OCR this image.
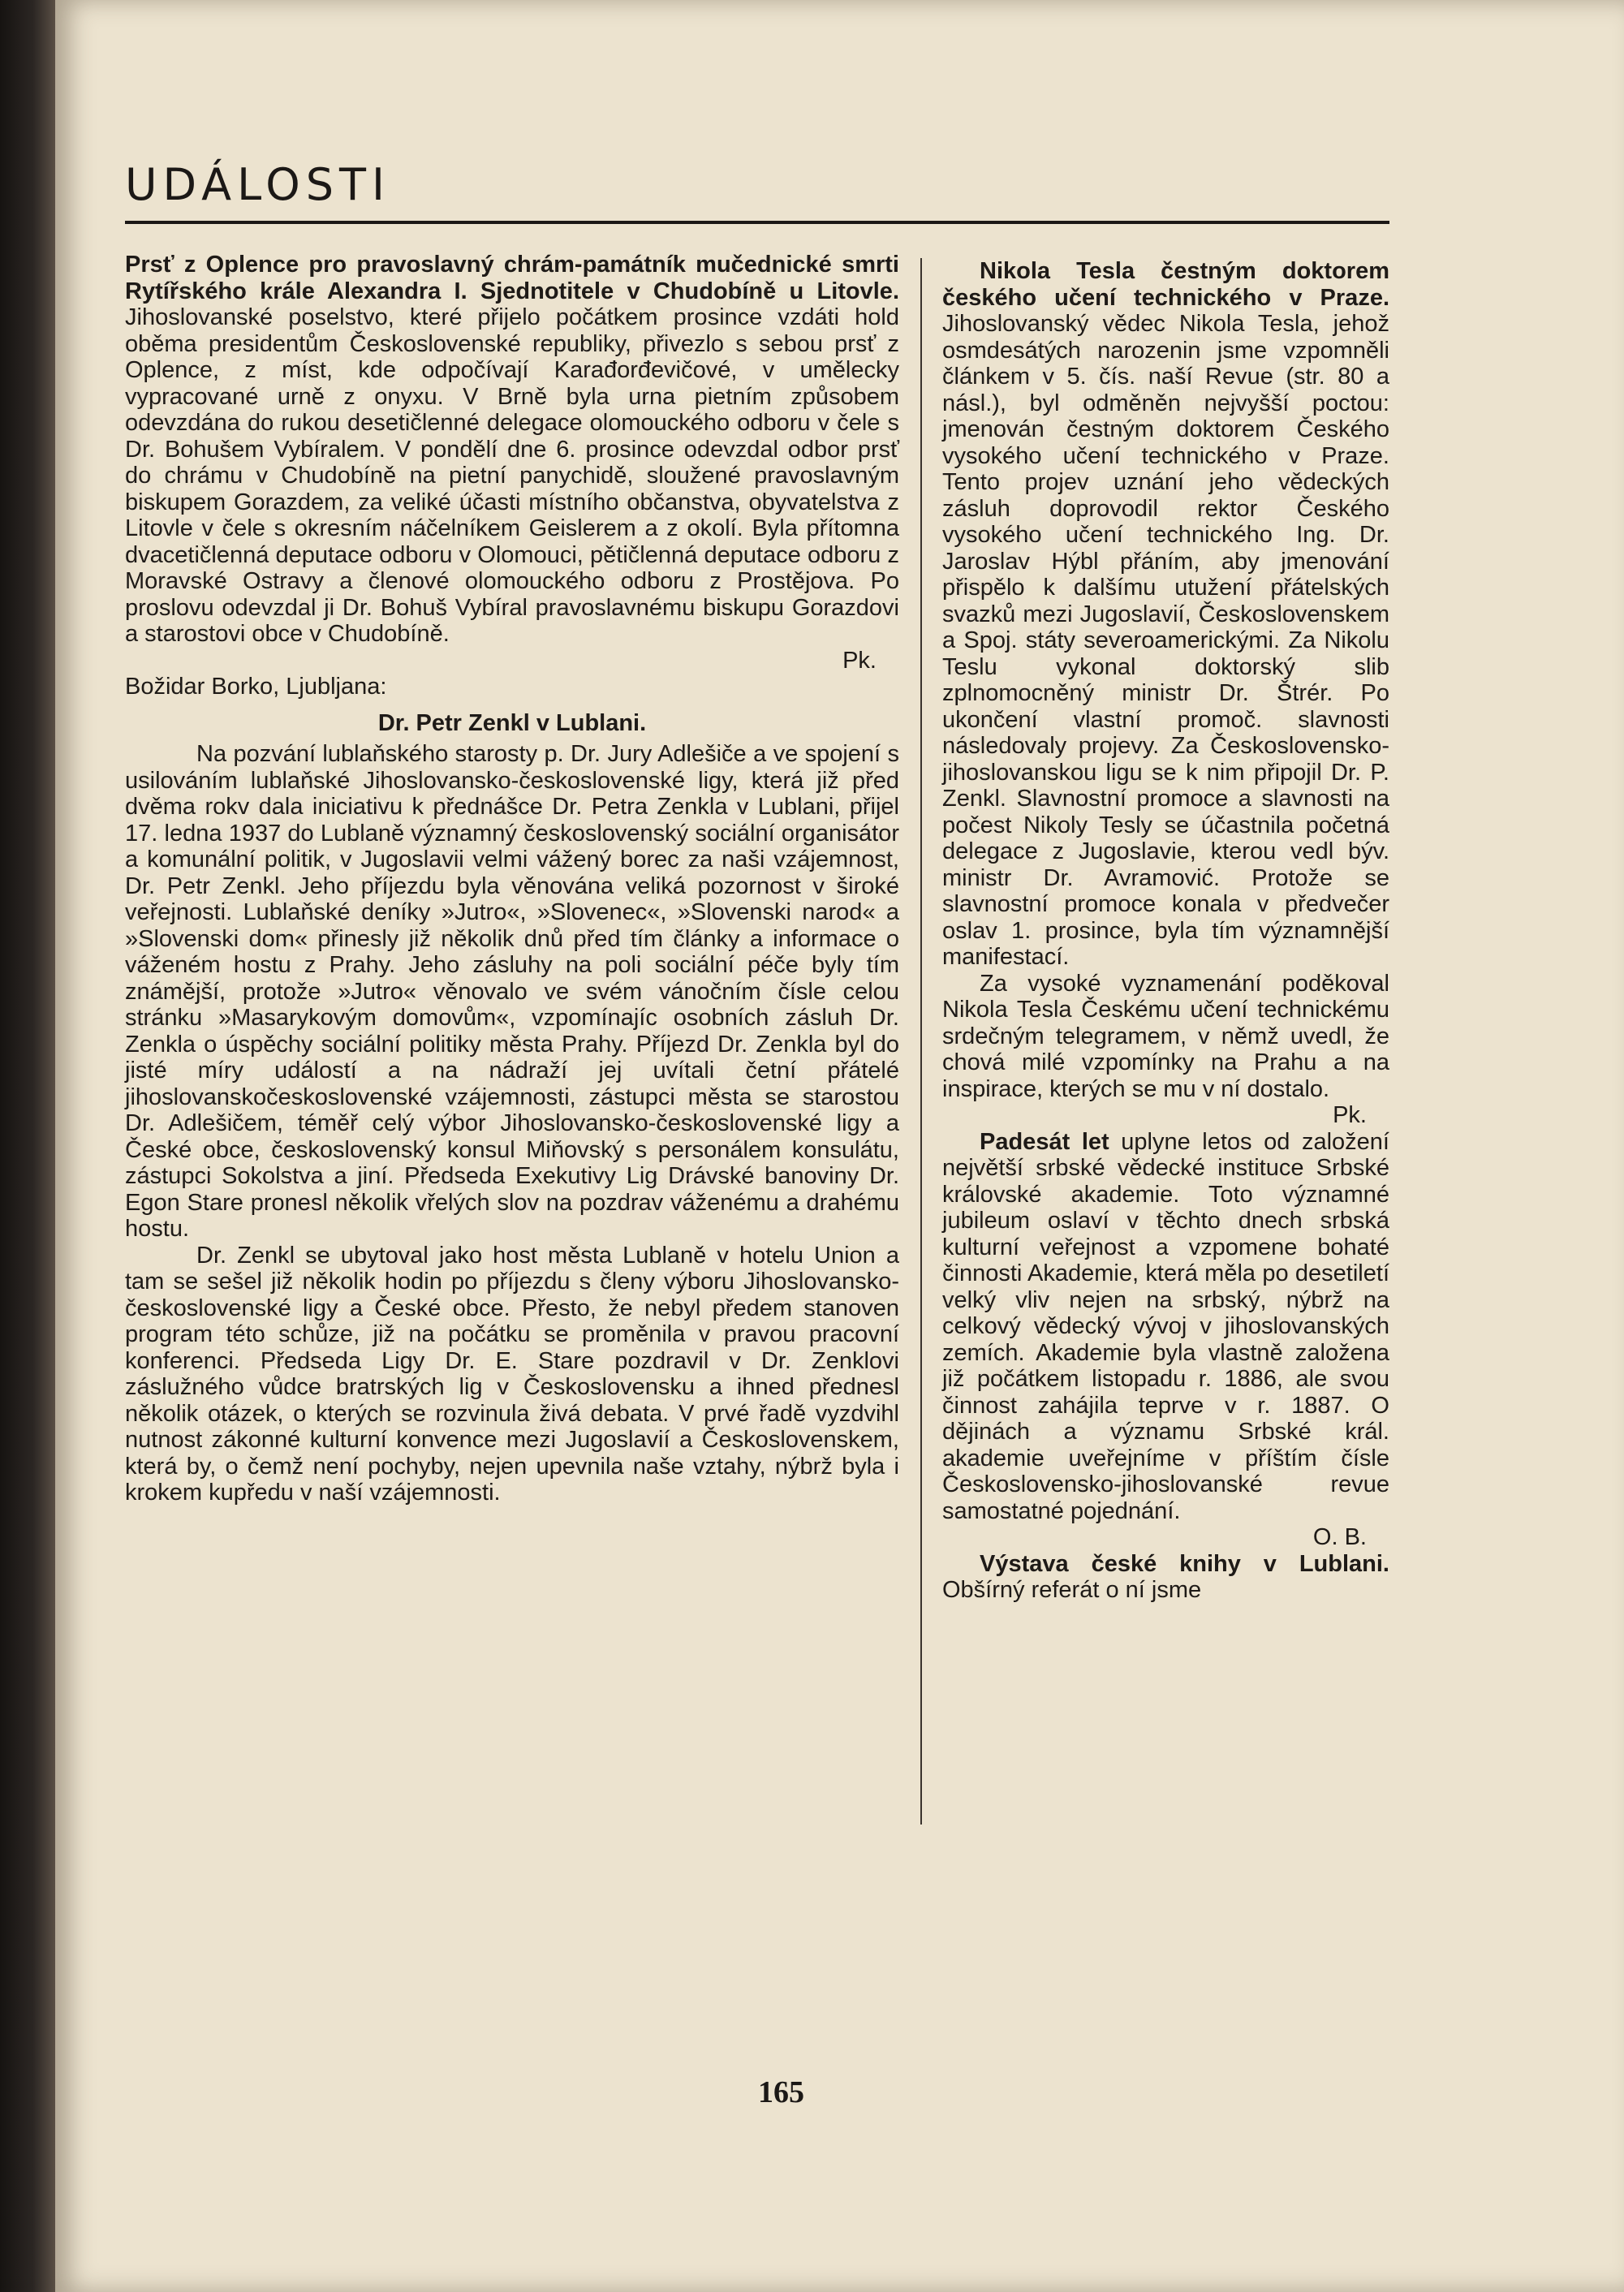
UDÁLOSTI

Prsť z Oplence pro pravoslavný chrám-památník mučednické smrti Rytířského krále Alexandra I. Sjednotitele v Chudobíně u Litovle. Jihoslovanské poselstvo, které přijelo počátkem prosince vzdáti hold oběma presidentům Československé republiky, přivezlo s sebou prsť z Oplence, z míst, kde odpočívají Karađorđevičové, v umělecky vypracované urně z onyxu. V Brně byla urna pietním způsobem odevzdána do rukou desetičlenné delegace olomouckého odboru v čele s Dr. Bohušem Vybíralem. V pondělí dne 6. prosince odevzdal odbor prsť do chrámu v Chudobíně na pietní panychidě, sloužené pravoslavným biskupem Gorazdem, za veliké účasti místního občanstva, obyvatelstva z Litovle v čele s okresním náčelníkem Geislerem a z okolí. Byla přítomna dvacetičlenná deputace odboru v Olomouci, pětičlenná deputace odboru z Moravské Ostravy a členové olomouckého odboru z Prostějova. Po proslovu odevzdal ji Dr. Bohuš Vybíral pravoslavnému biskupu Gorazdovi a starostovi obce v Chudobíně.

Pk.

Božidar Borko, Ljubljana:

Dr. Petr Zenkl v Lublani.

Na pozvání lublaňského starosty p. Dr. Jury Adlešiče a ve spojení s usilováním lublaňské Jihoslovansko-československé ligy, která již před dvěma rokv dala iniciativu k přednášce Dr. Petra Zenkla v Lublani, přijel 17. ledna 1937 do Lublaně významný československý sociální organisátor a komunální politik, v Jugoslavii velmi vážený borec za naši vzájemnost, Dr. Petr Zenkl. Jeho příjezdu byla věnována veliká pozornost v široké veřejnosti. Lublaňské deníky »Jutro«, »Slovenec«, »Slovenski narod« a »Slovenski dom« přinesly již několik dnů před tím články a informace o váženém hostu z Prahy. Jeho zásluhy na poli sociální péče byly tím známější, protože »Jutro« věnovalo ve svém vánočním čísle celou stránku »Masarykovým domovům«, vzpomínajíc osobních zásluh Dr. Zenkla o úspěchy sociální politiky města Prahy. Příjezd Dr. Zenkla byl do jisté míry událostí a na nádraží jej uvítali četní přátelé jihoslovanskočeskoslovenské vzájemnosti, zástupci města se starostou Dr. Adlešičem, téměř celý výbor Jihoslovansko-československé ligy a České obce, československý konsul Miňovský s personálem konsulátu, zástupci Sokolstva a jiní. Předseda Exekutivy Lig Drávské banoviny Dr. Egon Stare pronesl několik vřelých slov na pozdrav váženému a drahému hostu.

Dr. Zenkl se ubytoval jako host města Lublaně v hotelu Union a tam se sešel již několik hodin po příjezdu s členy výboru Jihoslovansko-československé ligy a České obce. Přesto, že nebyl předem stanoven program této schůze, již na počátku se proměnila v pravou pracovní konferenci. Předseda Ligy Dr. E. Stare pozdravil v Dr. Zenklovi záslužného vůdce bratrských lig v Československu a ihned přednesl několik otázek, o kterých se rozvinula živá debata. V prvé řadě vyzdvihl nutnost zákonné kulturní konvence mezi Jugoslavií a Československem, která by, o čemž není pochyby, nejen upevnila naše vztahy, nýbrž byla i krokem kupředu v naší vzájemnosti.

Nikola Tesla čestným doktorem českého učení technického v Praze. Jihoslovanský vědec Nikola Tesla, jehož osmdesátých narozenin jsme vzpomněli článkem v 5. čís. naší Revue (str. 80 a násl.), byl odměněn nejvyšší poctou: jmenován čestným doktorem Českého vysokého učení technického v Praze. Tento projev uznání jeho vědeckých zásluh doprovodil rektor Českého vysokého učení technického Ing. Dr. Jaroslav Hýbl přáním, aby jmenování přispělo k dalšímu utužení přátelských svazků mezi Jugoslavií, Československem a Spoj. státy severoamerickými. Za Nikolu Teslu vykonal doktorský slib zplnomocněný ministr Dr. Štrér. Po ukončení vlastní promoč. slavnosti následovaly projevy. Za Československo-jihoslovanskou ligu se k nim připojil Dr. P. Zenkl. Slavnostní promoce a slavnosti na počest Nikoly Tesly se účastnila početná delegace z Jugoslavie, kterou vedl býv. ministr Dr. Avramović. Protože se slavnostní promoce konala v předvečer oslav 1. prosince, byla tím významnější manifestací.

Za vysoké vyznamenání poděkoval Nikola Tesla Českému učení technickému srdečným telegramem, v němž uvedl, že chová milé vzpomínky na Prahu a na inspirace, kterých se mu v ní dostalo.

Pk.

Padesát let uplyne letos od založení největší srbské vědecké instituce Srbské královské akademie. Toto významné jubileum oslaví v těchto dnech srbská kulturní veřejnost a vzpomene bohaté činnosti Akademie, která měla po desetiletí velký vliv nejen na srbský, nýbrž na celkový vědecký vývoj v jihoslovanských zemích. Akademie byla vlastně založena již počátkem listopadu r. 1886, ale svou činnost zahájila teprve v r. 1887. O dějinách a významu Srbské král. akademie uveřejníme v příštím čísle Československo-jihoslovanské revue samostatné pojednání.

O. B.

Výstava české knihy v Lublani. Obšírný referát o ní jsme

165
